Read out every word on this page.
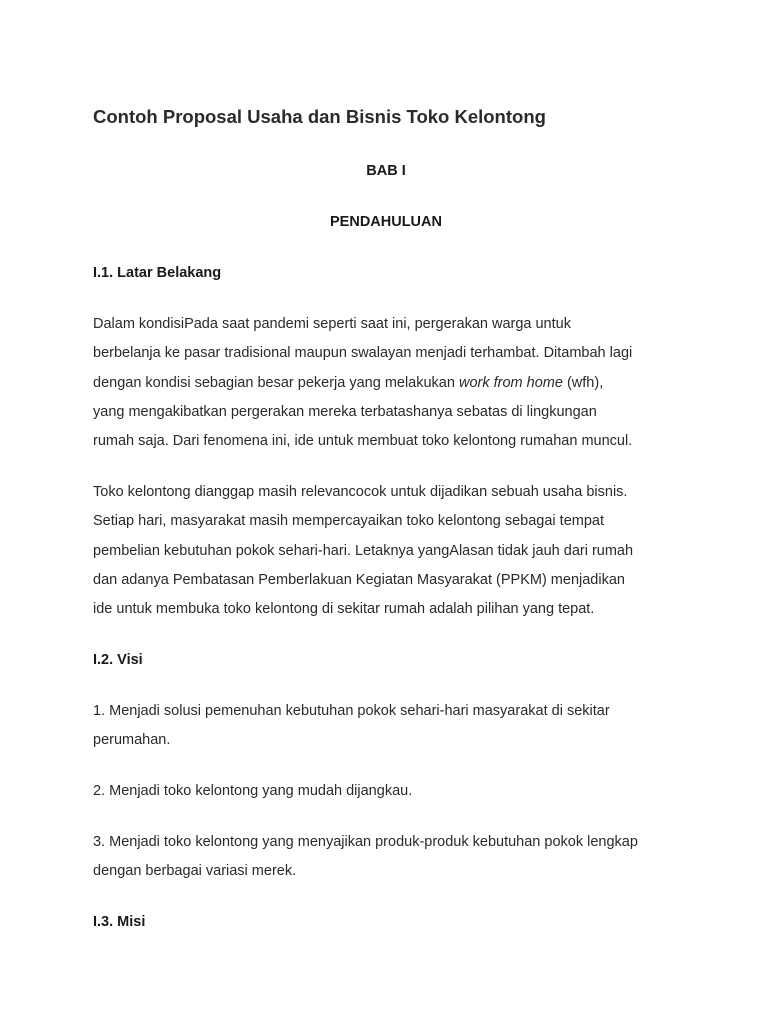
Contoh Proposal Usaha dan Bisnis Toko Kelontong
BAB I
PENDAHULUAN
I.1. Latar Belakang

Dalam kondisiPada saat pandemi seperti saat ini, pergerakan warga untuk
berbelanja ke pasar tradisional maupun swalayan menjadi terhambat. Ditambah lagi
dengan kondisi sebagian besar pekerja yang melakukan work from home (wfh),
yang mengakibatkan pergerakan mereka terbatashanya sebatas di lingkungan
rumah saja. Dari fenomena ini, ide untuk membuat toko kelontong rumahan muncul.

Toko kelontong dianggap masih relevancocok untuk dijadikan sebuah usaha bisnis.
Setiap hari, masyarakat masih mempercayaikan toko kelontong sebagai tempat
pembelian kebutuhan pokok sehari-hari. Letaknya yangAlasan tidak jauh dari rumah
dan adanya Pembatasan Pemberlakuan Kegiatan Masyarakat (PPKM) menjadikan
ide untuk membuka toko kelontong di sekitar rumah adalah pilihan yang tepat.

I.2. Visi

1. Menjadi solusi pemenuhan kebutuhan pokok sehari-hari masyarakat di sekitar
perumahan.

2. Menjadi toko kelontong yang mudah dijangkau.

3. Menjadi toko kelontong yang menyajikan produk-produk kebutuhan pokok lengkap
dengan berbagai variasi merek.

I.3. Misi
